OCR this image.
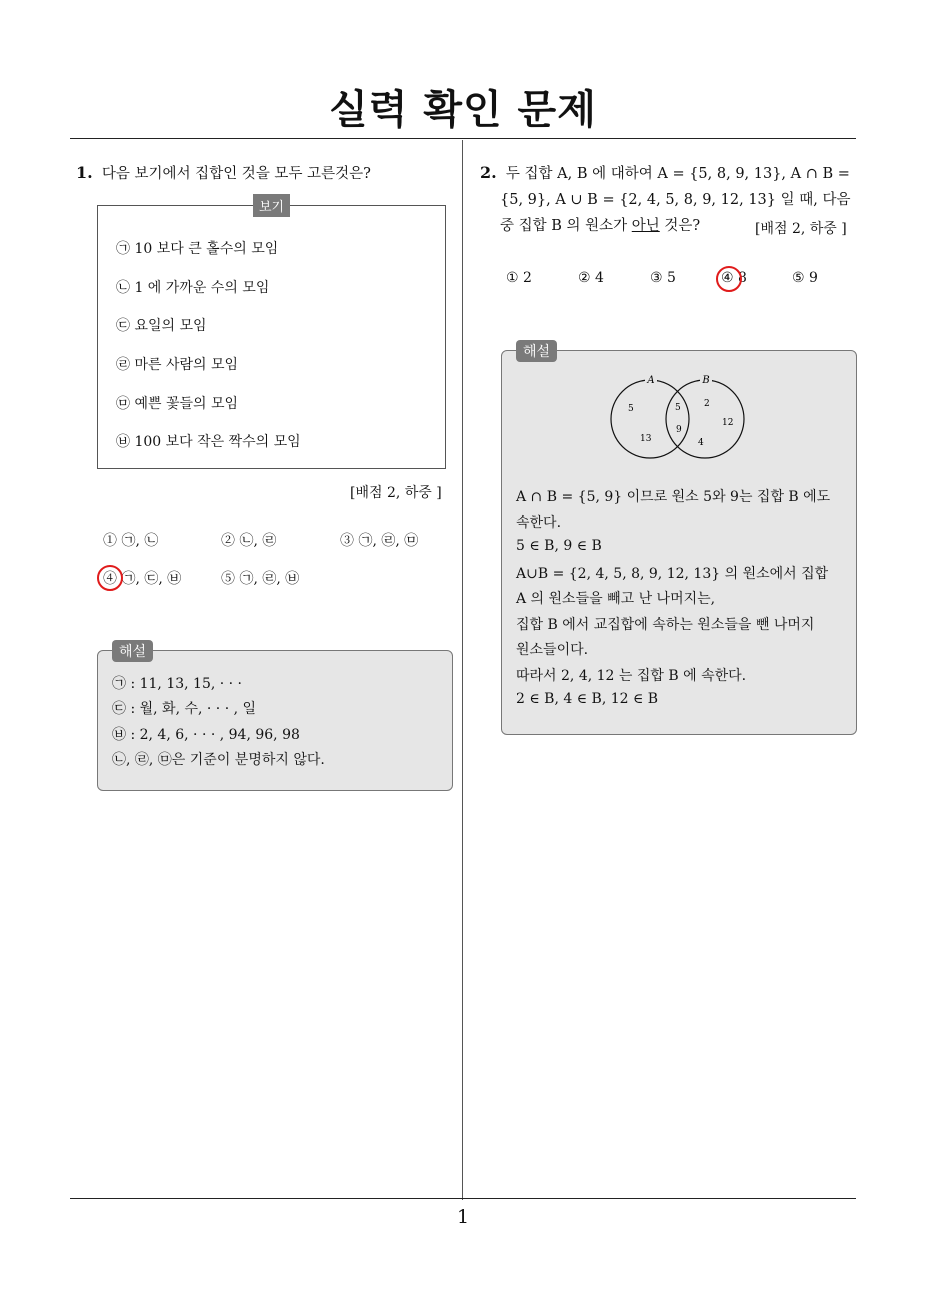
실력 확인 문제
1
1. 다음 보기에서 집합인 것을 모두 고른것은?
보기
㉠ 10 보다 큰 홀수의 모임
㉡ 1 에 가까운 수의 모임
㉢ 요일의 모임
㉣ 마른 사람의 모임
㉤ 예쁜 꽃들의 모임
㉥ 100 보다 작은 짝수의 모임
[배점 2, 하중 ]
① ㉠, ㉡	② ㉡, ㉣	③ ㉠, ㉣, ㉤
④ ㉠, ㉢, ㉥	⑤ ㉠, ㉣, ㉥
해설
㉠ : 11, 13, 15, · · ·
㉢ : 월, 화, 수, · · · , 일
㉥ : 2, 4, 6, · · · , 94, 96, 98
㉡, ㉣, ㉤은 기준이 분명하지 않다.
2. 두 집합 A, B 에 대하여 A = {5, 8, 9, 13}, A ∩ B =
{5, 9}, A ∪ B = {2, 4, 5, 8, 9, 12, 13} 일 때, 다음
중 집합 B 의 원소가 아닌 것은?	[배점 2, 하중 ]
① 2	② 4	③ 5	④ 8	⑤ 9
해설
A	B
5
13
5
9
2
12
4
A ∩ B = {5, 9} 이므로 원소 5와 9는 집합 B 에도
속한다.
5 ∈ B, 9 ∈ B
A∪B = {2, 4, 5, 8, 9, 12, 13} 의 원소에서 집합
A 의 원소들을 빼고 난 나머지는,
집합 B 에서 교집합에 속하는 원소들을 뺀 나머지
원소들이다.
따라서 2, 4, 12 는 집합 B 에 속한다.
2 ∈ B, 4 ∈ B, 12 ∈ B
